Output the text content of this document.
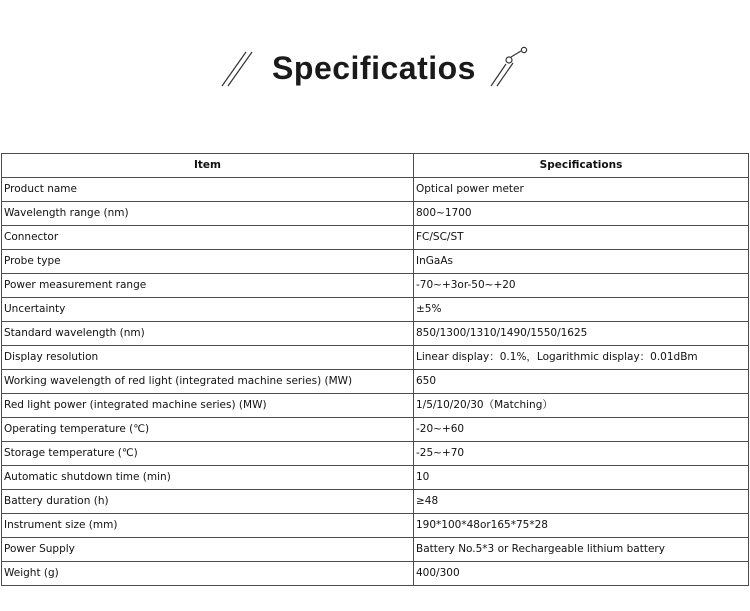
Specificatios
Item	Specifications
Product name	Optical power meter
Wavelength range (nm)	800~1700
Connector	FC/SC/ST
Probe type	InGaAs
Power measurement range	-70~+3or-50~+20
Uncertainty	±5%
Standard wavelength (nm)	850/1300/1310/1490/1550/1625
Display resolution	Linear display：0.1%，Logarithmic display：0.01dBm
Working wavelength of red light (integrated machine series) (MW)	650
Red light power (integrated machine series) (MW)	1/5/10/20/30（Matching）
Operating temperature (℃)	-20~+60
Storage temperature (℃)	-25~+70
Automatic shutdown time (min)	10
Battery duration (h)	≥48
Instrument size (mm)	190*100*48or165*75*28
Power Supply	Battery No.5*3 or Rechargeable lithium battery
Weight (g)	400/300
